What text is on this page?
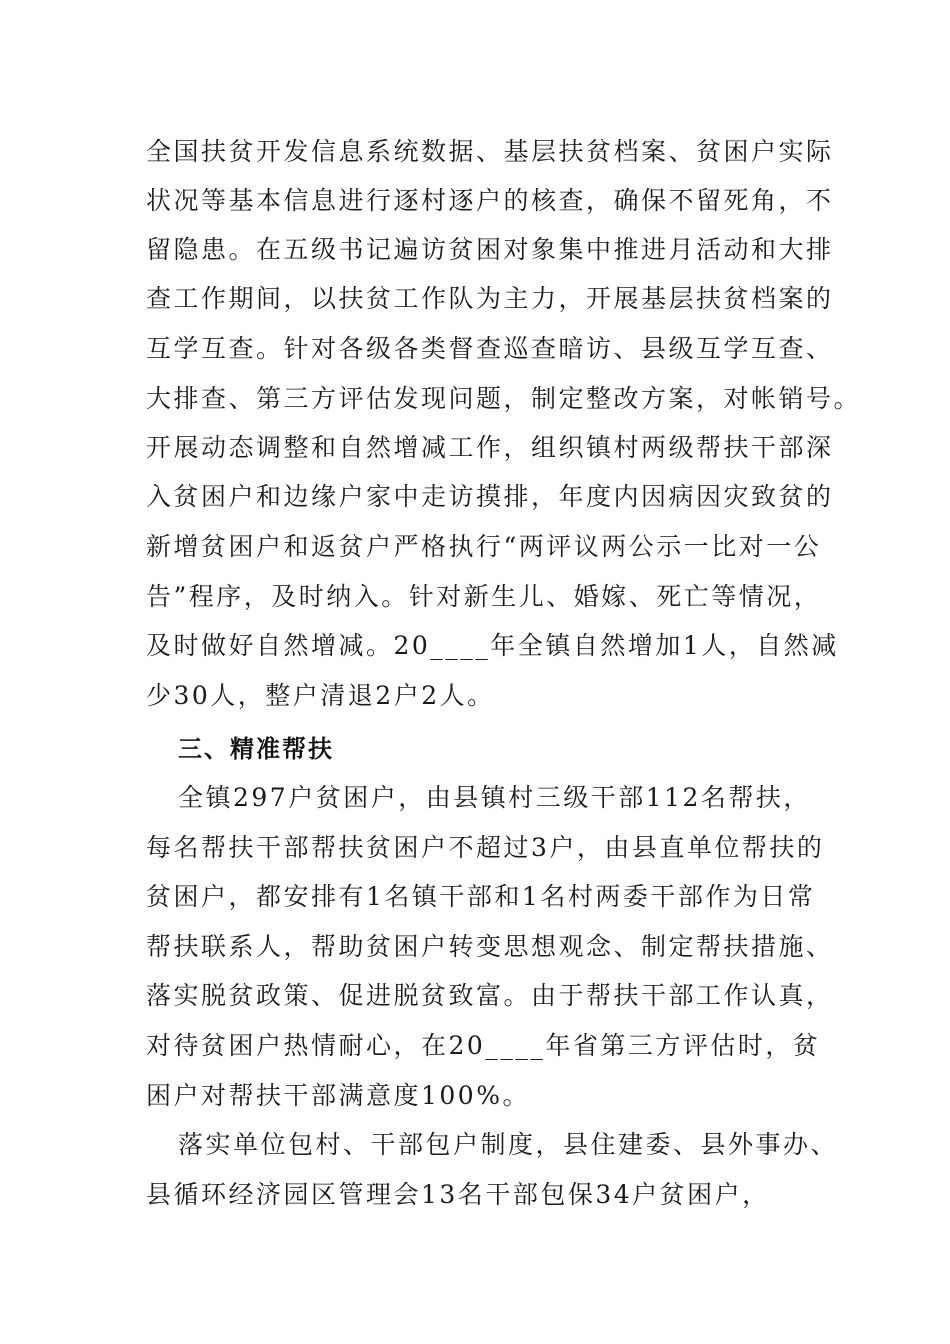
全国扶贫开发信息系统数据、基层扶贫档案、贫困户实际

状况等基本信息进行逐村逐户的核查，确保不留死角，不

留隐患。在五级书记遍访贫困对象集中推进月活动和大排

查工作期间，以扶贫工作队为主力，开展基层扶贫档案的

互学互查。针对各级各类督查巡查暗访、县级互学互查、

大排查、第三方评估发现问题，制定整改方案，对帐销号。

开展动态调整和自然增减工作，组织镇村两级帮扶干部深

入贫困户和边缘户家中走访摸排，年度内因病因灾致贫的

新增贫困户和返贫户严格执行“两评议两公示一比对一公

告”程序，及时纳入。针对新生儿、婚嫁、死亡等情况，

及时做好自然增减。20____年全镇自然增加1人，自然减

少30人，整户清退2户2人。

三、精准帮扶

全镇297户贫困户，由县镇村三级干部112名帮扶，

每名帮扶干部帮扶贫困户不超过3户，由县直单位帮扶的

贫困户，都安排有1名镇干部和1名村两委干部作为日常

帮扶联系人，帮助贫困户转变思想观念、制定帮扶措施、

落实脱贫政策、促进脱贫致富。由于帮扶干部工作认真，

对待贫困户热情耐心，在20____年省第三方评估时，贫

困户对帮扶干部满意度100%。

落实单位包村、干部包户制度，县住建委、县外事办、

县循环经济园区管理会13名干部包保34户贫困户，
